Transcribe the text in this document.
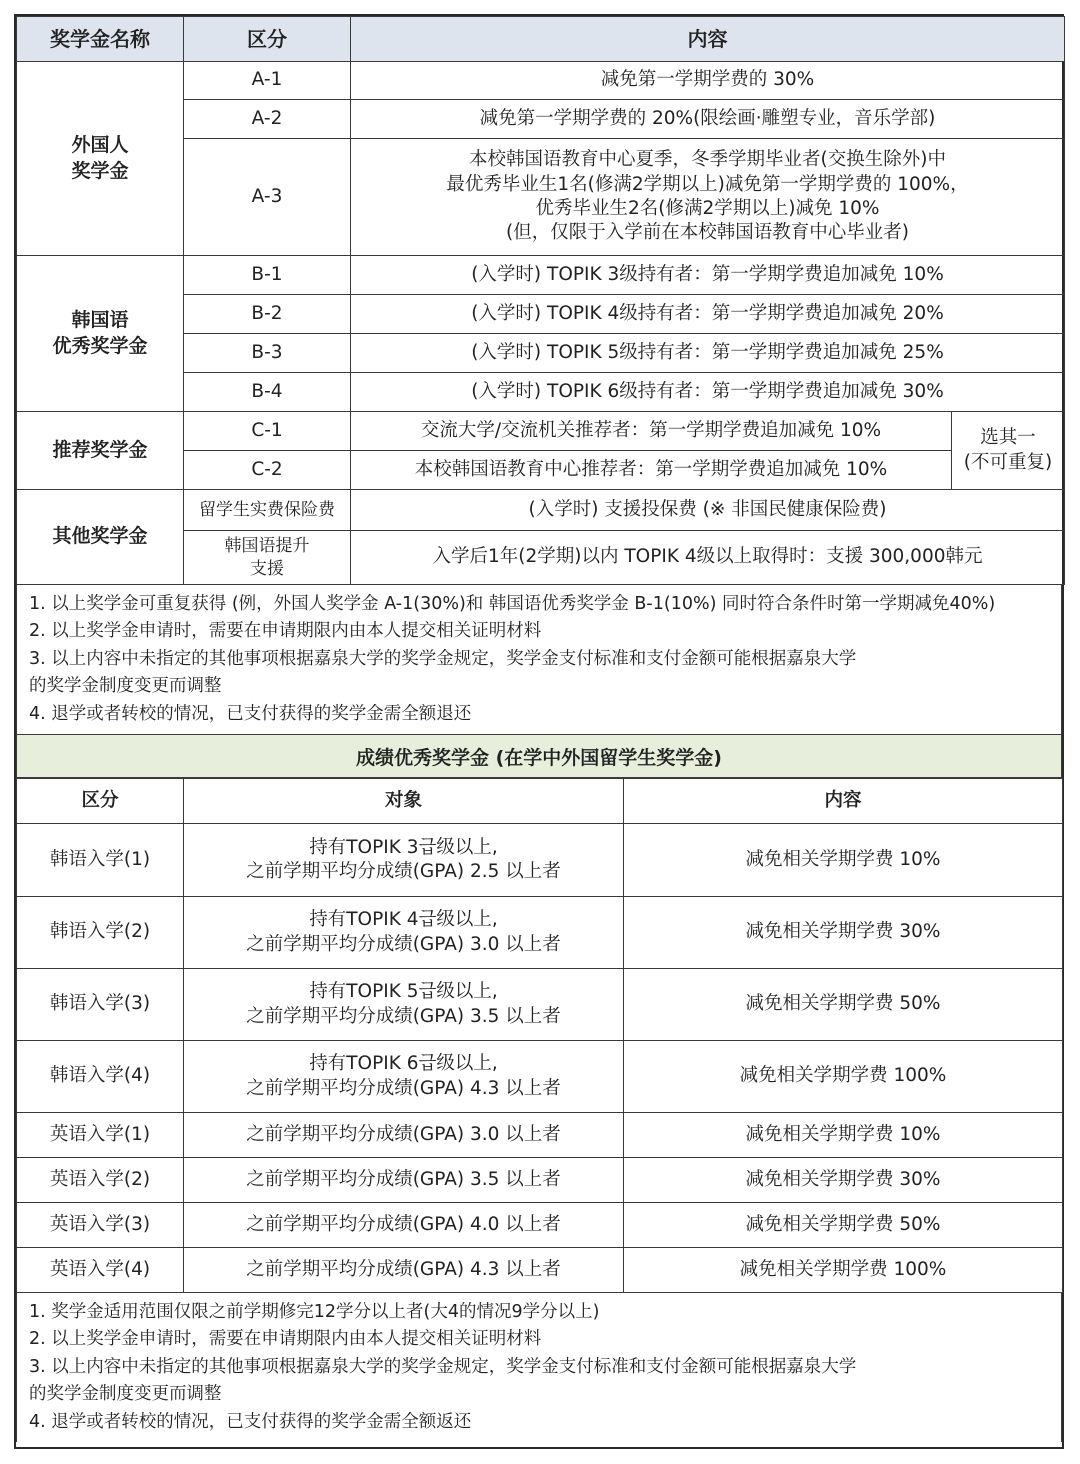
奖学金名称	区分	内容	

外国人
奖学金	A-1	减免第一学期学费的 30%	
	A-2	减免第一学期学费的 20%(限绘画·雕塑专业，音乐学部)	
	A-3	本校韩国语教育中心夏季，冬季学期毕业者(交换生除外)中
最优秀毕业生1名(修满2学期以上)减免第一学期学费的 100%，
优秀毕业生2名(修满2学期以上)减免 10%
(但，仅限于入学前在本校韩国语教育中心毕业者)	

韩国语
优秀奖学金	B-1	(入学时) TOPIK 3级持有者：第一学期学费追加减免 10%	
	B-2	(入学时) TOPIK 4级持有者：第一学期学费追加减免 20%	
	B-3	(入学时) TOPIK 5级持有者：第一学期学费追加减免 25%	
	B-4	(入学时) TOPIK 6级持有者：第一学期学费追加减免 30%	
推荐奖学金	C-1	交流大学/交流机关推荐者：第一学期学费追加减免 10%	选其一
(不可重复)

	C-2	本校韩国语教育中心推荐者：第一学期学费追加减免 10%	
其他奖学金	留学生实费保险费	(入学时) 支援投保费 (※ 非国民健康保险费)	

	韩国语提升
支援	入学后1年(2学期)以内 TOPIK 4级以上取得时：支援 300,000韩元	
1. 以上奖学金可重复获得 (例，外国人奖学金 A-1(30%)和 韩国语优秀奖学金 B-1(10%) 同时符合条件时第一学期减免40%)
2. 以上奖学金申请时，需要在申请期限内由本人提交相关证明材料
3. 以上内容中未指定的其他事项根据嘉泉大学的奖学金规定，奖学金支付标准和支付金额可能根据嘉泉大学
的奖学金制度变更而调整
4. 退学或者转校的情况，已支付获得的奖学金需全额退还
成绩优秀奖学金 (在学中外国留学生奖学金)
区分	对象	内容
韩语入学(1)	持有TOPIK 3급级以上,
之前学期平均分成绩(GPA) 2.5 以上者	减免相关学期学费 10%
韩语入学(2)	持有TOPIK 4급级以上,
之前学期平均分成绩(GPA) 3.0 以上者	减免相关学期学费 30%
韩语入学(3)	持有TOPIK 5급级以上,
之前学期平均分成绩(GPA) 3.5 以上者	减免相关学期学费 50%
韩语入学(4)	持有TOPIK 6급级以上,
之前学期平均分成绩(GPA) 4.3 以上者	减免相关学期学费 100%
英语入学(1)	之前学期平均分成绩(GPA) 3.0 以上者	减免相关学期学费 10%
英语入学(2)	之前学期平均分成绩(GPA) 3.5 以上者	减免相关学期学费 30%
英语入学(3)	之前学期平均分成绩(GPA) 4.0 以上者	减免相关学期学费 50%
英语入学(4)	之前学期平均分成绩(GPA) 4.3 以上者	减免相关学期学费 100%
1. 奖学金适用范围仅限之前学期修完12学分以上者(大4的情况9学分以上)
2. 以上奖学金申请时，需要在申请期限内由本人提交相关证明材料
3. 以上内容中未指定的其他事项根据嘉泉大学的奖学金规定，奖学金支付标准和支付金额可能根据嘉泉大学
的奖学金制度变更而调整
4. 退学或者转校的情况，已支付获得的奖学金需全额返还
